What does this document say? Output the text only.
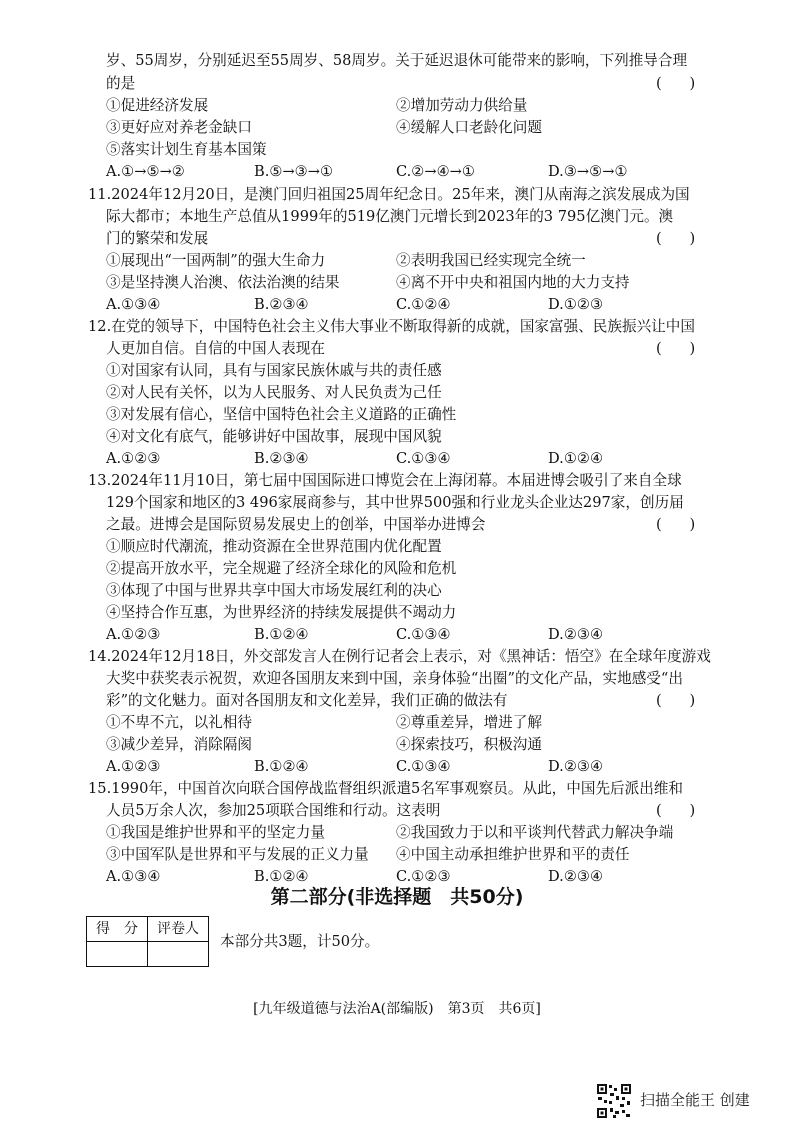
岁、55周岁，分别延迟至55周岁、58周岁。关于延迟退休可能带来的影响，下列推导合理
的是	(      )
①促进经济发展	②增加劳动力供给量
③更好应对养老金缺口	④缓解人口老龄化问题
⑤落实计划生育基本国策
A.①→⑤→②	B.⑤→③→①	C.②→④→①	D.③→⑤→①
11.2024年12月20日，是澳门回归祖国25周年纪念日。25年来，澳门从南海之滨发展成为国
际大都市；本地生产总值从1999年的519亿澳门元增长到2023年的3 795亿澳门元。澳
门的繁荣和发展	(      )
①展现出“一国两制”的强大生命力	②表明我国已经实现完全统一
③是坚持澳人治澳、依法治澳的结果	④离不开中央和祖国内地的大力支持
A.①③④	B.②③④	C.①②④	D.①②③
12.在党的领导下，中国特色社会主义伟大事业不断取得新的成就，国家富强、民族振兴让中国
人更加自信。自信的中国人表现在	(      )
①对国家有认同，具有与国家民族休戚与共的责任感
②对人民有关怀，以为人民服务、对人民负责为己任
③对发展有信心，坚信中国特色社会主义道路的正确性
④对文化有底气，能够讲好中国故事，展现中国风貌
A.①②③	B.②③④	C.①③④	D.①②④
13.2024年11月10日，第七届中国国际进口博览会在上海闭幕。本届进博会吸引了来自全球
129个国家和地区的3 496家展商参与，其中世界500强和行业龙头企业达297家，创历届
之最。进博会是国际贸易发展史上的创举，中国举办进博会	(      )
①顺应时代潮流，推动资源在全世界范围内优化配置
②提高开放水平，完全规避了经济全球化的风险和危机
③体现了中国与世界共享中国大市场发展红利的决心
④坚持合作互惠，为世界经济的持续发展提供不竭动力
A.①②③	B.①②④	C.①③④	D.②③④
14.2024年12月18日，外交部发言人在例行记者会上表示，对《黑神话：悟空》在全球年度游戏
大奖中获奖表示祝贺，欢迎各国朋友来到中国，亲身体验“出圈”的文化产品，实地感受“出
彩”的文化魅力。面对各国朋友和文化差异，我们正确的做法有	(      )
①不卑不亢，以礼相待	②尊重差异，增进了解
③减少差异，消除隔阂	④探索技巧，积极沟通
A.①②③	B.①②④	C.①③④	D.②③④
15.1990年，中国首次向联合国停战监督组织派遣5名军事观察员。从此，中国先后派出维和
人员5万余人次，参加25项联合国维和行动。这表明	(      )
①我国是维护世界和平的坚定力量	②我国致力于以和平谈判代替武力解决争端
③中国军队是世界和平与发展的正义力量 ④中国主动承担维护世界和平的责任
A.①③④	B.①②④	C.①②③	D.②③④
第二部分(非选择题　共50分)
得　分	评卷人

本部分共3题，计50分。
[九年级道德与法治A(部编版)　第3页　共6页]
扫描全能王 创建
